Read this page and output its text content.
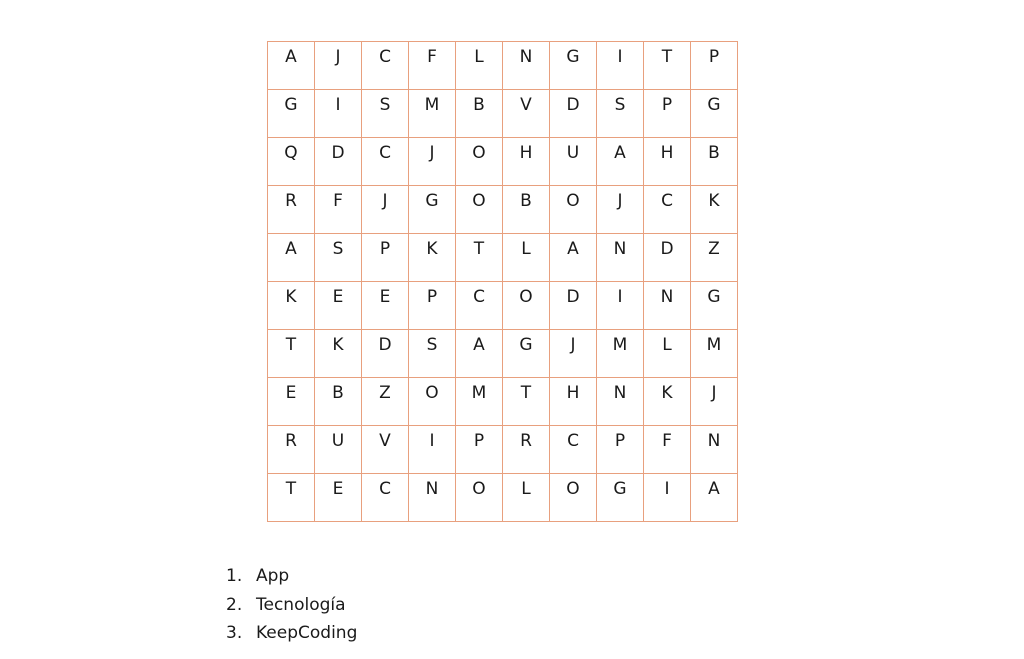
A	J	C	F	L	N	G	I	T	P
G	I	S	M	B	V	D	S	P	G
Q	D	C	J	O	H	U	A	H	B
R	F	J	G	O	B	O	J	C	K
A	S	P	K	T	L	A	N	D	Z
K	E	E	P	C	O	D	I	N	G
T	K	D	S	A	G	J	M	L	M
E	B	Z	O	M	T	H	N	K	J
R	U	V	I	P	R	C	P	F	N
T	E	C	N	O	L	O	G	I	A
1. App
2. Tecnología
3. KeepCoding
